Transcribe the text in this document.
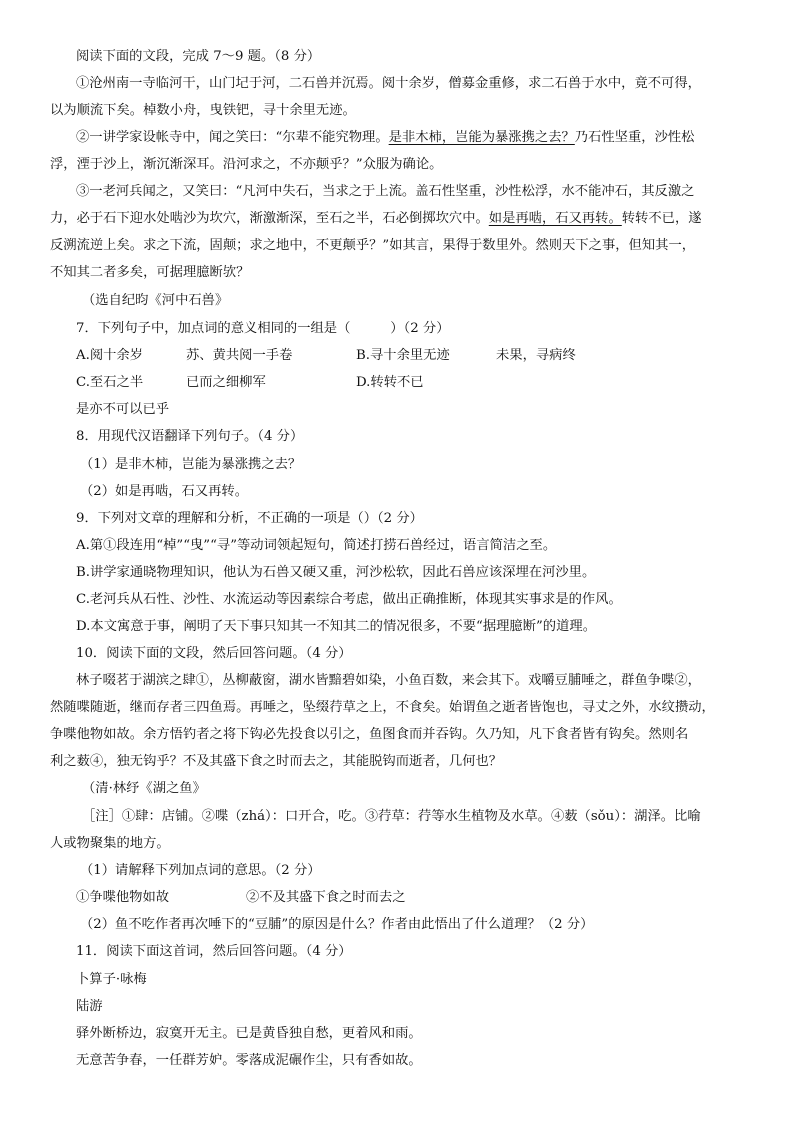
阅读下面的文段，完成 7～9 题。（8 分）
①沧州南一寺临河干，山门圮于河，二石兽并沉焉。阅十余岁，僧募金重修，求二石兽于水中，竟不可得，
以为顺流下矣。棹数小舟，曳铁钯，寻十余里无迹。
②一讲学家设帐寺中，闻之笑曰：“尔辈不能究物理。是非木柿，岂能为暴涨携之去？乃石性坚重，沙性松
浮，湮于沙上，渐沉渐深耳。沿河求之，不亦颠乎？”众服为确论。
③一老河兵闻之，又笑曰：“凡河中失石，当求之于上流。盖石性坚重，沙性松浮，水不能冲石，其反激之
力，必于石下迎水处啮沙为坎穴，渐激渐深，至石之半，石必倒掷坎穴中。如是再啮，石又再转。转转不已，遂
反溯流逆上矣。求之下流，固颠；求之地中，不更颠乎？”如其言，果得于数里外。然则天下之事，但知其一，
不知其二者多矣，可据理臆断欤？
（选自纪昀《河中石兽》
7．下列句子中，加点词的意义相同的一组是（　　　）（2 分）
A.阅十余岁	苏、黄共阅一手卷	B.寻十余里无迹	未果，寻病终
C.至石之半	已而之细柳军	D.转转不已
是亦不可以已乎
8．用现代汉语翻译下列句子。（4 分）
（1）是非木柿，岂能为暴涨携之去？
（2）如是再啮，石又再转。
9．下列对文章的理解和分析，不正确的一项是（）（2 分）
A.第①段连用“棹”“曳”“寻”等动词领起短句，简述打捞石兽经过，语言简洁之至。
B.讲学家通晓物理知识，他认为石兽又硬又重，河沙松软，因此石兽应该深埋在河沙里。
C.老河兵从石性、沙性、水流运动等因素综合考虑，做出正确推断，体现其实事求是的作风。
D.本文寓意于事，阐明了天下事只知其一不知其二的情况很多，不要“据理臆断”的道理。
10．阅读下面的文段，然后回答问题。（4 分）
林子啜茗于湖滨之肆①，丛柳蔽窗，湖水皆黯碧如染，小鱼百数，来会其下。戏嚼豆脯唾之，群鱼争喋②，
然随喋随逝，继而存者三四鱼焉。再唾之，坠缀荇草之上，不食矣。始谓鱼之逝者皆饱也，寻丈之外，水纹攒动，
争喋他物如故。余方悟钓者之将下钩必先投食以引之，鱼图食而并吞钩。久乃知，凡下食者皆有钩矣。然则名
利之薮④，独无钩乎？不及其盛下食之时而去之，其能脱钩而逝者，几何也？
（清·林纾《湖之鱼》
［注］①肆：店铺。②喋（zhá）：口开合，吃。③荇草：荇等水生植物及水草。④薮（sǒu）：湖泽。比喻
人或物聚集的地方。
（1）请解释下列加点词的意思。（2 分）
①争喋他物如故	②不及其盛下食之时而去之
（2）鱼不吃作者再次唾下的“豆脯”的原因是什么？作者由此悟出了什么道理？（2 分）
11．阅读下面这首词，然后回答问题。（4 分）
卜算子·咏梅
陆游
驿外断桥边，寂寞开无主。已是黄昏独自愁，更着风和雨。
无意苦争春，一任群芳妒。零落成泥碾作尘，只有香如故。
